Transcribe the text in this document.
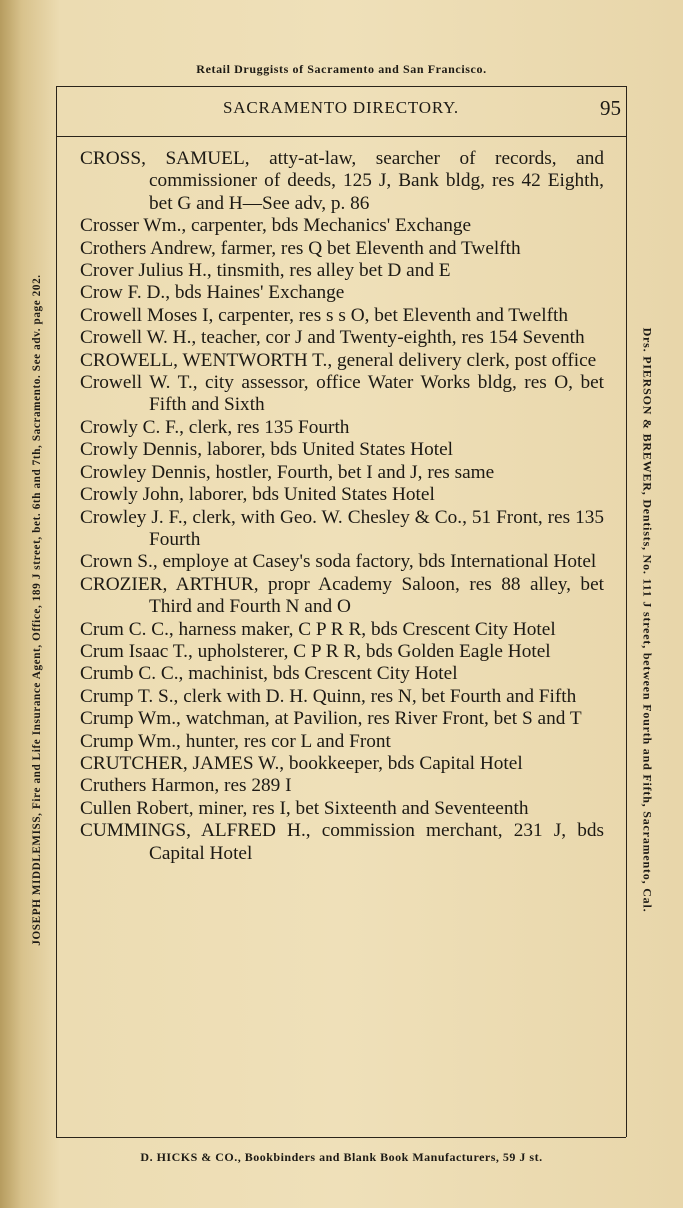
Retail Druggists of Sacramento and San Francisco.
SACRAMENTO DIRECTORY.	95
CROSS, SAMUEL, atty-at-law, searcher of records, and commissioner of deeds, 125 J, Bank bldg, res 42 Eighth, bet G and H—See adv, p. 86
Crosser Wm., carpenter, bds Mechanics' Exchange
Crothers Andrew, farmer, res Q bet Eleventh and Twelfth
Crover Julius H., tinsmith, res alley bet D and E
Crow F. D., bds Haines' Exchange
Crowell Moses I, carpenter, res s s O, bet Eleventh and Twelfth
Crowell W. H., teacher, cor J and Twenty-eighth, res 154 Seventh
CROWELL, WENTWORTH T., general delivery clerk, post office
Crowell W. T., city assessor, office Water Works bldg, res O, bet Fifth and Sixth
Crowly C. F., clerk, res 135 Fourth
Crowly Dennis, laborer, bds United States Hotel
Crowley Dennis, hostler, Fourth, bet I and J, res same
Crowly John, laborer, bds United States Hotel
Crowley J. F., clerk, with Geo. W. Chesley & Co., 51 Front, res 135 Fourth
Crown S., employe at Casey's soda factory, bds International Hotel
CROZIER, ARTHUR, propr Academy Saloon, res 88 alley, bet Third and Fourth N and O
Crum C. C., harness maker, C P R R, bds Crescent City Hotel
Crum Isaac T., upholsterer, C P R R, bds Golden Eagle Hotel
Crumb C. C., machinist, bds Crescent City Hotel
Crump T. S., clerk with D. H. Quinn, res N, bet Fourth and Fifth
Crump Wm., watchman, at Pavilion, res River Front, bet S and T
Crump Wm., hunter, res cor L and Front
CRUTCHER, JAMES W., bookkeeper, bds Capital Hotel
Cruthers Harmon, res 289 I
Cullen Robert, miner, res I, bet Sixteenth and Seventeenth
CUMMINGS, ALFRED H., commission merchant, 231 J, bds Capital Hotel
D. HICKS & CO., Bookbinders and Blank Book Manufacturers, 59 J st.
JOSEPH MIDDLEMISS, Fire and Life Insurance Agent, Office, 189 J street, bet. 6th and 7th, Sacramento. See adv. page 202.	Drs. PIERSON & BREWER, Dentists, No. 111 J street, between Fourth and Fifth, Sacramento, Cal.
